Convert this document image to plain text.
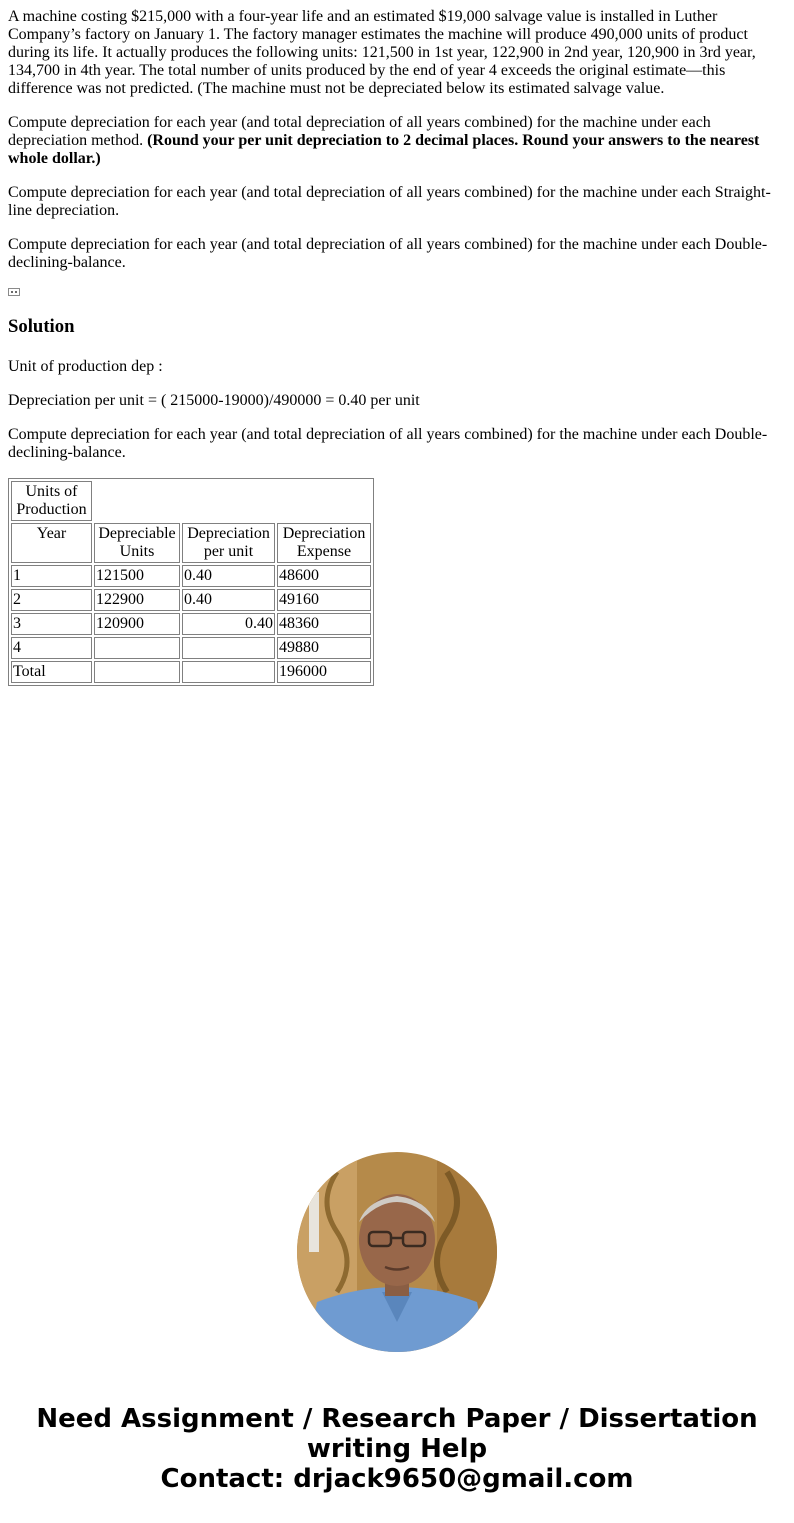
A machine costing $215,000 with a four-year life and an estimated $19,000 salvage value is installed in Luther Company’s factory on January 1. The factory manager estimates the machine will produce 490,000 units of product during its life. It actually produces the following units: 121,500 in 1st year, 122,900 in 2nd year, 120,900 in 3rd year, 134,700 in 4th year. The total number of units produced by the end of year 4 exceeds the original estimate—this difference was not predicted. (The machine must not be depreciated below its estimated salvage value.

Compute depreciation for each year (and total depreciation of all years combined) for the machine under each depreciation method. (Round your per unit depreciation to 2 decimal places. Round your answers to the nearest whole dollar.)

Compute depreciation for each year (and total depreciation of all years combined) for the machine under each Straight-line depreciation.

Compute depreciation for each year (and total depreciation of all years combined) for the machine under each Double-declining-balance.

Solution

Unit of production dep :

Depreciation per unit = ( 215000-19000)/490000 = 0.40 per unit

Compute depreciation for each year (and total depreciation of all years combined) for the machine under each Double-declining-balance.

Units of Production			
Year	Depreciable Units	Depreciation per unit	Depreciation Expense
1	121500	0.40	48600
2	122900	0.40	49160
3	120900	0.40	48360
4			49880
Total			196000
Need Assignment / Research Paper / Dissertation writing Help
Contact: drjack9650@gmail.com
